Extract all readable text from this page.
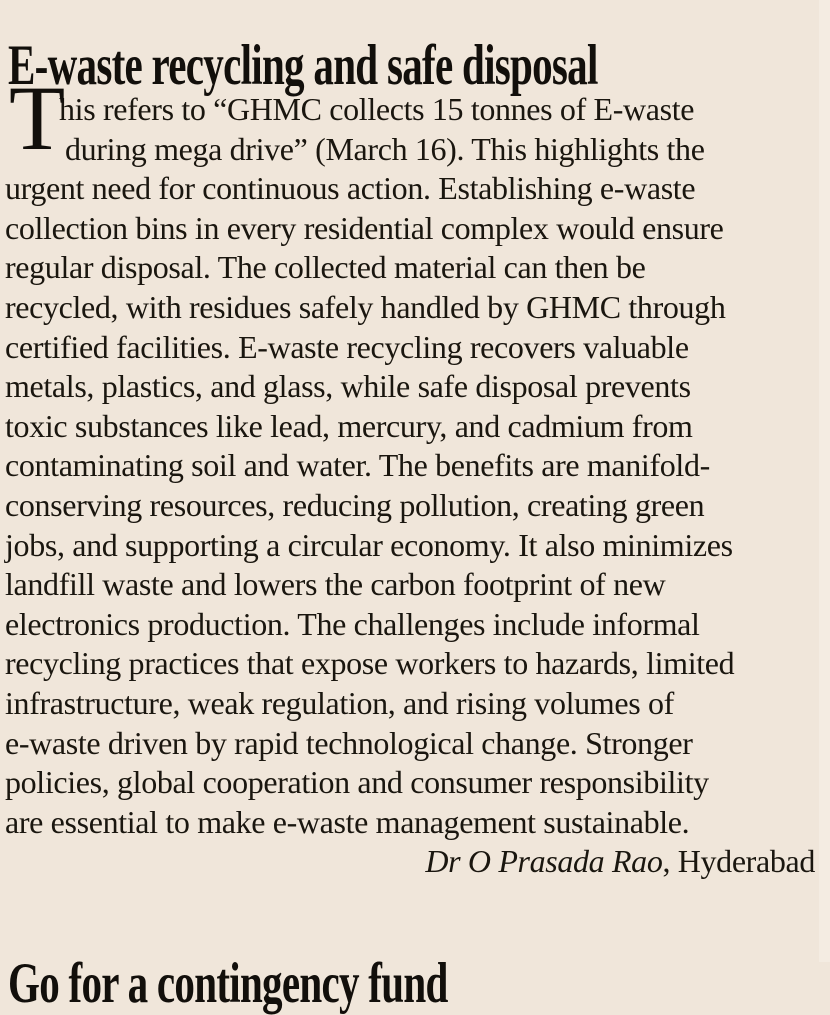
E-waste recycling and safe disposal
T
his refers to “GHMC collects 15 tonnes of E-waste
during mega drive” (March 16). This highlights the
urgent need for continuous action. Establishing e-waste
collection bins in every residential complex would ensure
regular disposal. The collected material can then be
recycled, with residues safely handled by GHMC through
certified facilities. E-waste recycling recovers valuable
metals, plastics, and glass, while safe disposal prevents
toxic substances like lead, mercury, and cadmium from
contaminating soil and water. The benefits are manifold-
conserving resources, reducing pollution, creating green
jobs, and supporting a circular economy. It also minimizes
landfill waste and lowers the carbon footprint of new
electronics production. The challenges include informal
recycling practices that expose workers to hazards, limited
infrastructure, weak regulation, and rising volumes of
e-waste driven by rapid technological change. Stronger
policies, global cooperation and consumer responsibility
are essential to make e-waste management sustainable.
Dr O Prasada Rao, Hyderabad
Go for a contingency fund
